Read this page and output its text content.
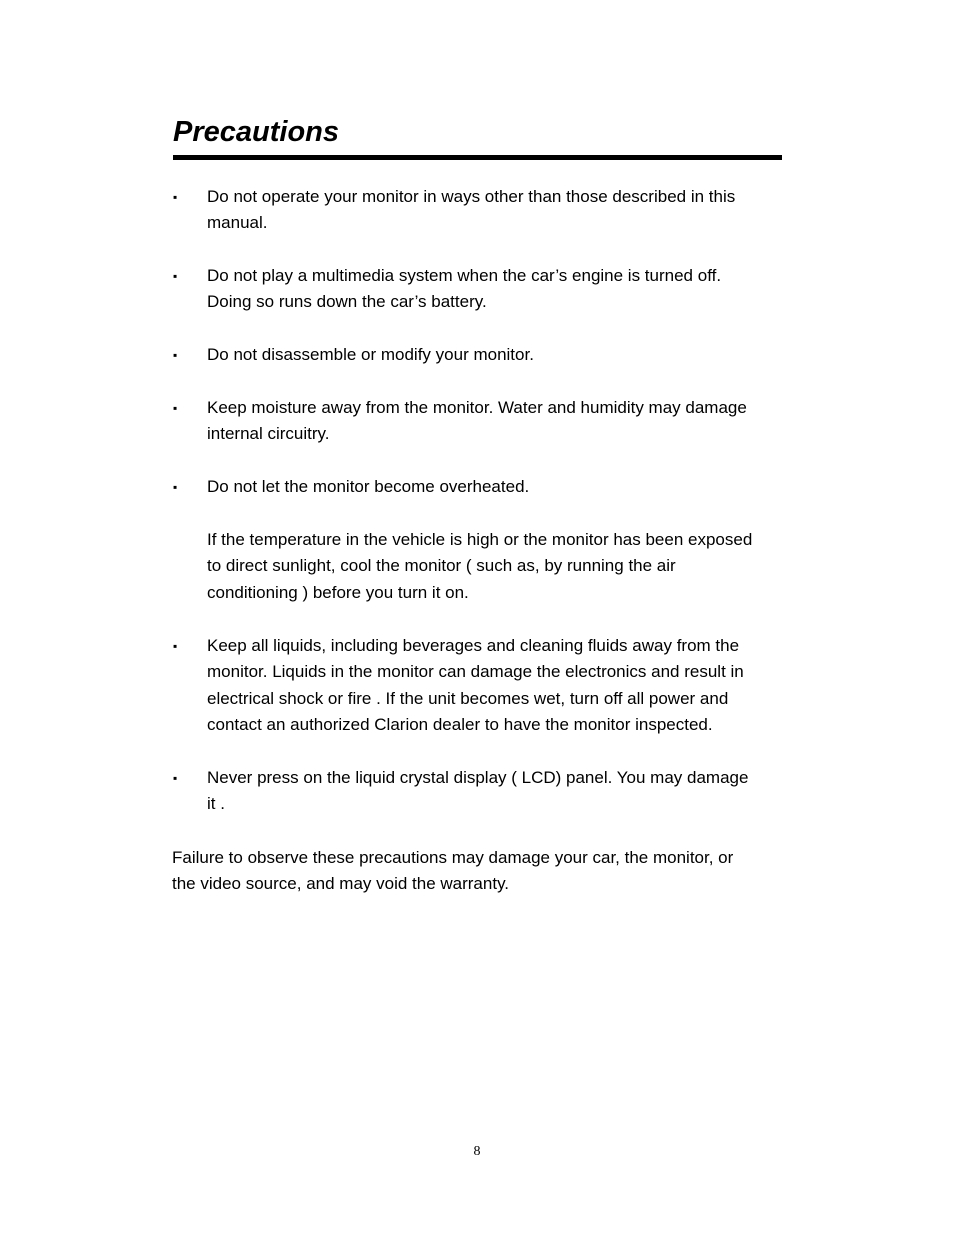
Precautions
▪ Do not operate your monitor in ways other than those described in this
manual.
▪ Do not play a multimedia system when the car’s engine is turned off.
Doing so runs down the car’s battery.
▪ Do not disassemble or modify your monitor.
▪ Keep moisture away from the monitor. Water and humidity may damage
internal circuitry.
▪ Do not let the monitor become overheated.
If the temperature in the vehicle is high or the monitor has been exposed
to direct sunlight, cool the monitor ( such as, by running the air
conditioning ) before you turn it on.
▪ Keep all liquids, including beverages and cleaning fluids away from the
monitor. Liquids in the monitor can damage the electronics and result in
electrical shock or fire . If the unit becomes wet, turn off all power and
contact an authorized Clarion dealer to have the monitor inspected.
▪ Never press on the liquid crystal display ( LCD) panel. You may damage
it .
Failure to observe these precautions may damage your car, the monitor, or
the video source, and may void the warranty.
8
